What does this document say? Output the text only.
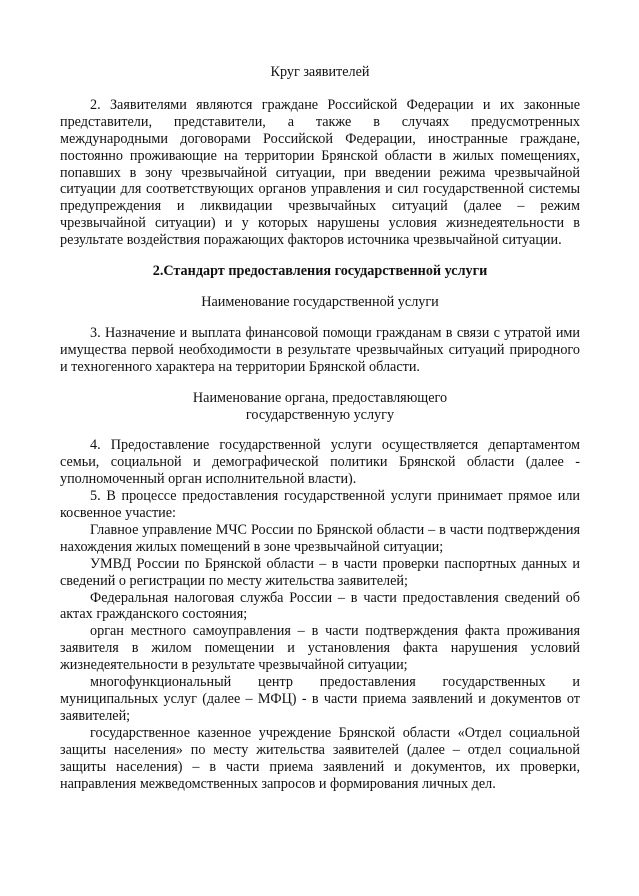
Круг заявителей

2. Заявителями являются граждане Российской Федерации и их законные представители, представители, а также в случаях предусмотренных международными договорами Российской Федерации, иностранные граждане, постоянно проживающие на территории Брянской области в жилых помещениях, попавших в зону чрезвычайной ситуации, при введении режима чрезвычайной ситуации для соответствующих органов управления и сил государственной системы предупреждения и ликвидации чрезвычайных ситуаций (далее – режим чрезвычайной ситуации) и у которых нарушены условия жизнедеятельности в результате воздействия поражающих факторов источника чрезвычайной ситуации.

2.Стандарт предоставления государственной услуги

Наименование государственной услуги

3. Назначение и выплата финансовой помощи гражданам в связи с утратой ими имущества первой необходимости в результате чрезвычайных ситуаций природного и техногенного характера на территории Брянской области.

Наименование органа, предоставляющего

государственную услугу

4. Предоставление государственной услуги осуществляется департаментом семьи, социальной и демографической политики Брянской области (далее - уполномоченный орган исполнительной власти).

5. В процессе предоставления государственной услуги принимает прямое или косвенное участие:

Главное управление МЧС России по Брянской области – в части подтверждения нахождения жилых помещений в зоне чрезвычайной ситуации;

УМВД России по Брянской области – в части проверки паспортных данных и сведений о регистрации по месту жительства заявителей;

Федеральная налоговая служба России – в части предоставления сведений об актах гражданского состояния;

орган местного самоуправления – в части подтверждения факта проживания заявителя в жилом помещении и установления факта нарушения условий жизнедеятельности в результате чрезвычайной ситуации;

многофункциональный центр предоставления государственных и муниципальных услуг (далее – МФЦ) - в части приема заявлений и документов от заявителей;

государственное казенное учреждение Брянской области «Отдел социальной защиты населения» по месту жительства заявителей (далее – отдел социальной защиты населения) – в части приема заявлений и документов, их проверки, направления межведомственных запросов и формирования личных дел.
